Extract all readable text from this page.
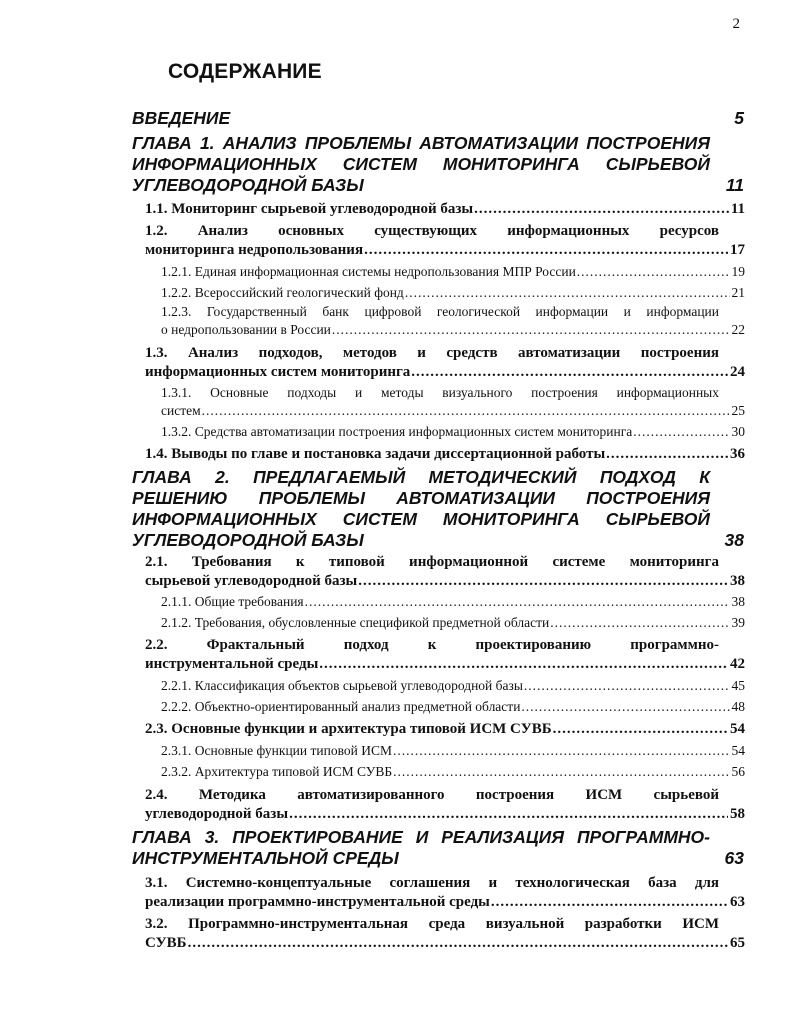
2
СОДЕРЖАНИЕ
ВВЕДЕНИЕ	5
ГЛАВА 1. АНАЛИЗ ПРОБЛЕМЫ АВТОМАТИЗАЦИИ ПОСТРОЕНИЯ ИНФОРМАЦИОННЫХ СИСТЕМ МОНИТОРИНГА СЫРЬЕВОЙ УГЛЕВОДОРОДНОЙ БАЗЫ	11
1.1. Мониторинг сырьевой углеводородной базы .....	11
1.2. Анализ основных существующих информационных ресурсов
мониторинга недропользования .....	17
1.2.1. Единая информационная системы недропользования МПР России .....	19
1.2.2. Всероссийский геологический фонд .....	21
1.2.3. Государственный банк цифровой геологической информации и информации
о недропользовании в России .....	22
1.3. Анализ подходов, методов и средств автоматизации построения
информационных систем мониторинга .....	24
1.3.1. Основные подходы и методы визуального построения информационных
систем .....	25
1.3.2. Средства автоматизации построения информационных систем мониторинга .....	30
1.4. Выводы по главе и постановка задачи диссертационной работы .....	36
ГЛАВА 2. ПРЕДЛАГАЕМЫЙ МЕТОДИЧЕСКИЙ ПОДХОД К РЕШЕНИЮ ПРОБЛЕМЫ АВТОМАТИЗАЦИИ ПОСТРОЕНИЯ ИНФОРМАЦИОННЫХ СИСТЕМ МОНИТОРИНГА СЫРЬЕВОЙ УГЛЕВОДОРОДНОЙ БАЗЫ	38
2.1. Требования к типовой информационной системе мониторинга
сырьевой углеводородной базы .....	38
2.1.1. Общие требования .....	38
2.1.2. Требования, обусловленные спецификой предметной области .....	39
2.2. Фрактальный подход к проектированию программно-
инструментальной среды .....	42
2.2.1. Классификация объектов сырьевой углеводородной базы .....	45
2.2.2. Объектно-ориентированный анализ предметной области .....	48
2.3. Основные функции и архитектура типовой ИСМ СУВБ .....	54
2.3.1. Основные функции типовой ИСМ .....	54
2.3.2. Архитектура типовой ИСМ СУВБ .....	56
2.4. Методика автоматизированного построения ИСМ сырьевой
углеводородной базы .....	58
ГЛАВА 3. ПРОЕКТИРОВАНИЕ И РЕАЛИЗАЦИЯ ПРОГРАММНО-ИНСТРУМЕНТАЛЬНОЙ СРЕДЫ	63
3.1. Системно-концептуальные соглашения и технологическая база для
реализации программно-инструментальной среды .....	63
3.2. Программно-инструментальная среда визуальной разработки ИСМ
СУВБ .....	65
